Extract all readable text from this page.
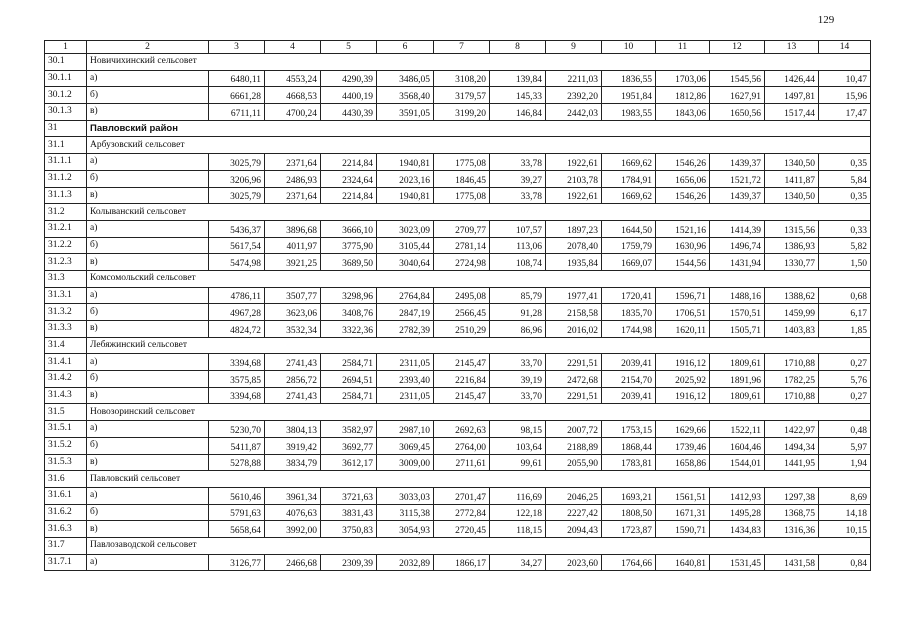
129
1	2	3	4	5	6	7	8	9	10	11	12	13	14
30.1	Новичихинский сельсовет												
30.1.1	а)	6480,11	4553,24	4290,39	3486,05	3108,20	139,84	2211,03	1836,55	1703,06	1545,56	1426,44	10,47
30.1.2	б)	6661,28	4668,53	4400,19	3568,40	3179,57	145,33	2392,20	1951,84	1812,86	1627,91	1497,81	15,96
30.1.3	в)	6711,11	4700,24	4430,39	3591,05	3199,20	146,84	2442,03	1983,55	1843,06	1650,56	1517,44	17,47
31	Павловский район												
31.1	Арбузовский сельсовет												
31.1.1	а)	3025,79	2371,64	2214,84	1940,81	1775,08	33,78	1922,61	1669,62	1546,26	1439,37	1340,50	0,35
31.1.2	б)	3206,96	2486,93	2324,64	2023,16	1846,45	39,27	2103,78	1784,91	1656,06	1521,72	1411,87	5,84
31.1.3	в)	3025,79	2371,64	2214,84	1940,81	1775,08	33,78	1922,61	1669,62	1546,26	1439,37	1340,50	0,35
31.2	Колыванский сельсовет												
31.2.1	а)	5436,37	3896,68	3666,10	3023,09	2709,77	107,57	1897,23	1644,50	1521,16	1414,39	1315,56	0,33
31.2.2	б)	5617,54	4011,97	3775,90	3105,44	2781,14	113,06	2078,40	1759,79	1630,96	1496,74	1386,93	5,82
31.2.3	в)	5474,98	3921,25	3689,50	3040,64	2724,98	108,74	1935,84	1669,07	1544,56	1431,94	1330,77	1,50
31.3	Комсомольский сельсовет												
31.3.1	а)	4786,11	3507,77	3298,96	2764,84	2495,08	85,79	1977,41	1720,41	1596,71	1488,16	1388,62	0,68
31.3.2	б)	4967,28	3623,06	3408,76	2847,19	2566,45	91,28	2158,58	1835,70	1706,51	1570,51	1459,99	6,17
31.3.3	в)	4824,72	3532,34	3322,36	2782,39	2510,29	86,96	2016,02	1744,98	1620,11	1505,71	1403,83	1,85
31.4	Лебяжинский сельсовет												
31.4.1	а)	3394,68	2741,43	2584,71	2311,05	2145,47	33,70	2291,51	2039,41	1916,12	1809,61	1710,88	0,27
31.4.2	б)	3575,85	2856,72	2694,51	2393,40	2216,84	39,19	2472,68	2154,70	2025,92	1891,96	1782,25	5,76
31.4.3	в)	3394,68	2741,43	2584,71	2311,05	2145,47	33,70	2291,51	2039,41	1916,12	1809,61	1710,88	0,27
31.5	Новозоринский сельсовет												
31.5.1	а)	5230,70	3804,13	3582,97	2987,10	2692,63	98,15	2007,72	1753,15	1629,66	1522,11	1422,97	0,48
31.5.2	б)	5411,87	3919,42	3692,77	3069,45	2764,00	103,64	2188,89	1868,44	1739,46	1604,46	1494,34	5,97
31.5.3	в)	5278,88	3834,79	3612,17	3009,00	2711,61	99,61	2055,90	1783,81	1658,86	1544,01	1441,95	1,94
31.6	Павловский сельсовет												
31.6.1	а)	5610,46	3961,34	3721,63	3033,03	2701,47	116,69	2046,25	1693,21	1561,51	1412,93	1297,38	8,69
31.6.2	б)	5791,63	4076,63	3831,43	3115,38	2772,84	122,18	2227,42	1808,50	1671,31	1495,28	1368,75	14,18
31.6.3	в)	5658,64	3992,00	3750,83	3054,93	2720,45	118,15	2094,43	1723,87	1590,71	1434,83	1316,36	10,15
31.7	Павлозаводской сельсовет												
31.7.1	а)	3126,77	2466,68	2309,39	2032,89	1866,17	34,27	2023,60	1764,66	1640,81	1531,45	1431,58	0,84
